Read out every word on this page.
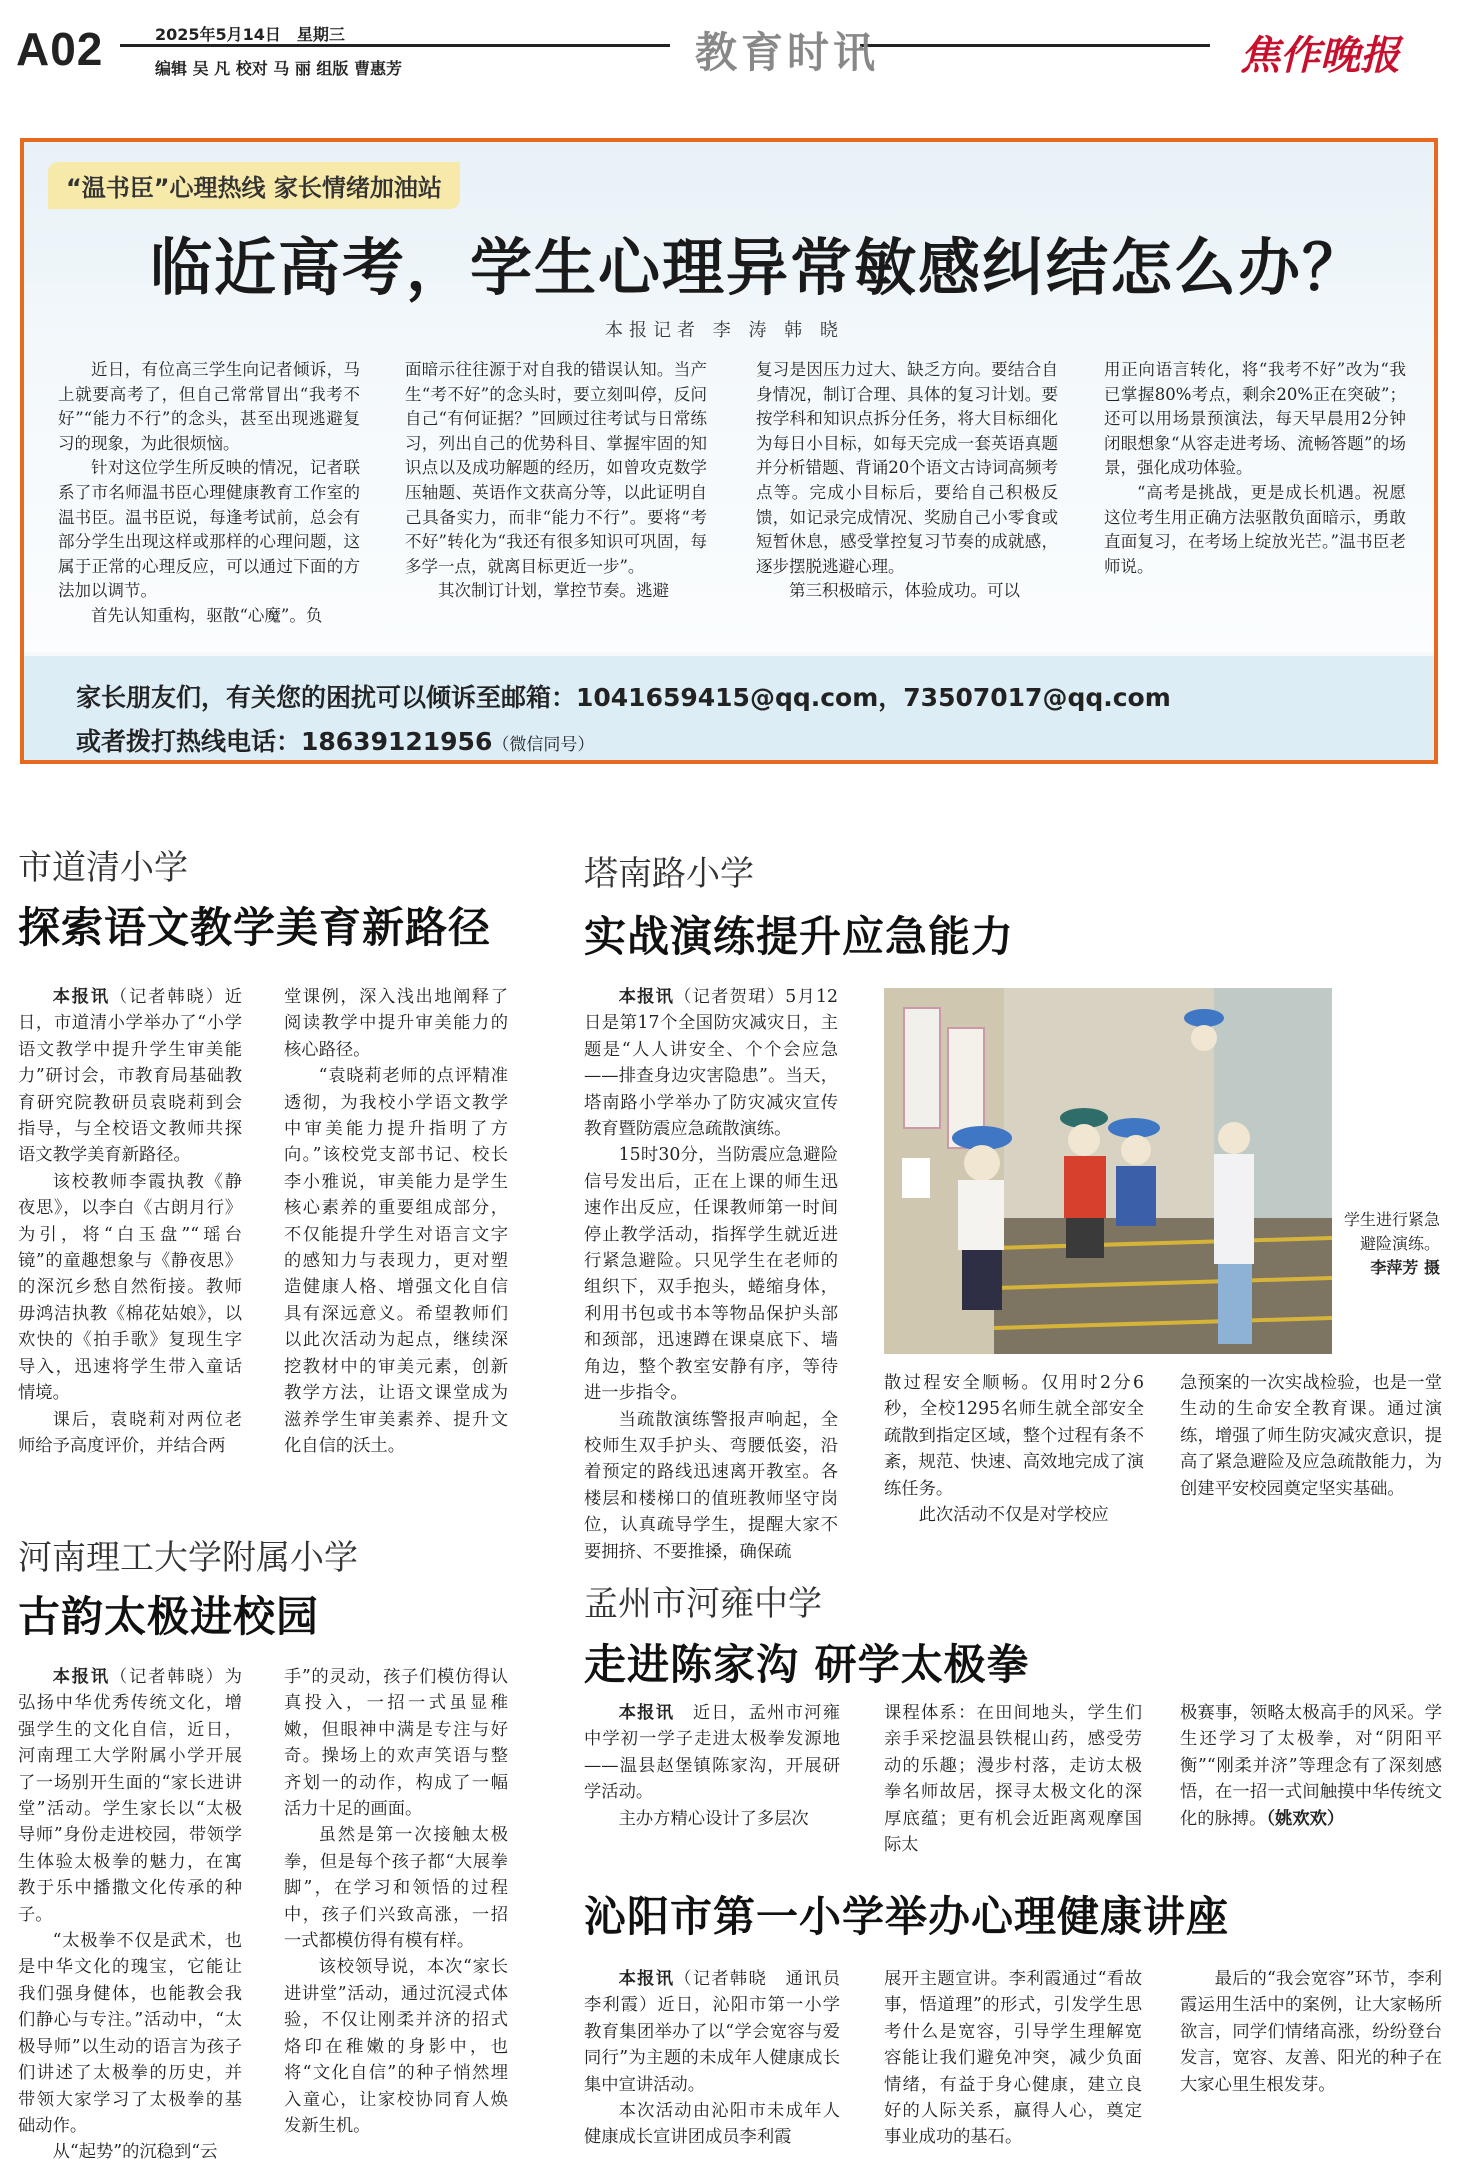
A02	2025年5月14日　星期三
编辑 吴 凡 校对 马 丽 组版 曹惠芳	教育时讯	焦作晚报
“温书臣”心理热线 家长情绪加油站
临近高考，学生心理异常敏感纠结怎么办？
本报记者 李 涛 韩 晓

近日，有位高三学生向记者倾诉，马上就要高考了，但自己常常冒出“我考不好”“能力不行”的念头，甚至出现逃避复习的现象，为此很烦恼。

针对这位学生所反映的情况，记者联系了市名师温书臣心理健康教育工作室的温书臣。温书臣说，每逢考试前，总会有部分学生出现这样或那样的心理问题，这属于正常的心理反应，可以通过下面的方法加以调节。

首先认知重构，驱散“心魔”。负

面暗示往往源于对自我的错误认知。当产生“考不好”的念头时，要立刻叫停，反问自己“有何证据？”回顾过往考试与日常练习，列出自己的优势科目、掌握牢固的知识点以及成功解题的经历，如曾攻克数学压轴题、英语作文获高分等，以此证明自己具备实力，而非“能力不行”。要将“考不好”转化为“我还有很多知识可巩固，每多学一点，就离目标更近一步”。

其次制订计划，掌控节奏。逃避

复习是因压力过大、缺乏方向。要结合自身情况，制订合理、具体的复习计划。要按学科和知识点拆分任务，将大目标细化为每日小目标，如每天完成一套英语真题并分析错题、背诵20个语文古诗词高频考点等。完成小目标后，要给自己积极反馈，如记录完成情况、奖励自己小零食或短暂休息，感受掌控复习节奏的成就感，逐步摆脱逃避心理。

第三积极暗示，体验成功。可以

用正向语言转化，将“我考不好”改为“我已掌握80%考点，剩余20%正在突破”；还可以用场景预演法，每天早晨用2分钟闭眼想象“从容走进考场、流畅答题”的场景，强化成功体验。

“高考是挑战，更是成长机遇。祝愿这位考生用正确方法驱散负面暗示，勇敢直面复习，在考场上绽放光芒。”温书臣老师说。

家长朋友们，有关您的困扰可以倾诉至邮箱：1041659415@qq.com，73507017@qq.com
或者拨打热线电话：18639121956（微信同号）
市道清小学
探索语文教学美育新路径

本报讯（记者韩晓）近日，市道清小学举办了“小学语文教学中提升学生审美能力”研讨会，市教育局基础教育研究院教研员袁晓莉到会指导，与全校语文教师共探语文教学美育新路径。

该校教师李霞执教《静夜思》，以李白《古朗月行》为引，将“白玉盘”“瑶台镜”的童趣想象与《静夜思》的深沉乡愁自然衔接。教师毋鸿洁执教《棉花姑娘》，以欢快的《拍手歌》复现生字导入，迅速将学生带入童话情境。

课后，袁晓莉对两位老师给予高度评价，并结合两

堂课例，深入浅出地阐释了阅读教学中提升审美能力的核心路径。

“袁晓莉老师的点评精准透彻，为我校小学语文教学中审美能力提升指明了方向。”该校党支部书记、校长李小雅说，审美能力是学生核心素养的重要组成部分，不仅能提升学生对语言文字的感知力与表现力，更对塑造健康人格、增强文化自信具有深远意义。希望教师们以此次活动为起点，继续深挖教材中的审美元素，创新教学方法，让语文课堂成为滋养学生审美素养、提升文化自信的沃土。

塔南路小学
实战演练提升应急能力

本报讯（记者贺珺）5月12日是第17个全国防灾减灾日，主题是“人人讲安全、个个会应急——排查身边灾害隐患”。当天，塔南路小学举办了防灾减灾宣传教育暨防震应急疏散演练。

15时30分，当防震应急避险信号发出后，正在上课的师生迅速作出反应，任课教师第一时间停止教学活动，指挥学生就近进行紧急避险。只见学生在老师的组织下，双手抱头，蜷缩身体，利用书包或书本等物品保护头部和颈部，迅速蹲在课桌底下、墙角边，整个教室安静有序，等待进一步指令。

当疏散演练警报声响起，全校师生双手护头、弯腰低姿，沿着预定的路线迅速离开教室。各楼层和楼梯口的值班教师坚守岗位，认真疏导学生，提醒大家不要拥挤、不要推搡，确保疏

学生进行紧急避险演练。
李萍芳 摄

散过程安全顺畅。仅用时2分6秒，全校1295名师生就全部安全疏散到指定区域，整个过程有条不紊，规范、快速、高效地完成了演练任务。

此次活动不仅是对学校应

急预案的一次实战检验，也是一堂生动的生命安全教育课。通过演练，增强了师生防灾减灾意识，提高了紧急避险及应急疏散能力，为创建平安校园奠定坚实基础。

河南理工大学附属小学
古韵太极进校园

本报讯（记者韩晓）为弘扬中华优秀传统文化，增强学生的文化自信，近日，河南理工大学附属小学开展了一场别开生面的“家长进讲堂”活动。学生家长以“太极导师”身份走进校园，带领学生体验太极拳的魅力，在寓教于乐中播撒文化传承的种子。

“太极拳不仅是武术，也是中华文化的瑰宝，它能让我们强身健体，也能教会我们静心与专注。”活动中，“太极导师”以生动的语言为孩子们讲述了太极拳的历史，并带领大家学习了太极拳的基础动作。

从“起势”的沉稳到“云

手”的灵动，孩子们模仿得认真投入，一招一式虽显稚嫩，但眼神中满是专注与好奇。操场上的欢声笑语与整齐划一的动作，构成了一幅活力十足的画面。

虽然是第一次接触太极拳，但是每个孩子都“大展拳脚”，在学习和领悟的过程中，孩子们兴致高涨，一招一式都模仿得有模有样。

该校领导说，本次“家长进讲堂”活动，通过沉浸式体验，不仅让刚柔并济的招式烙印在稚嫩的身影中，也将“文化自信”的种子悄然埋入童心，让家校协同育人焕发新生机。

孟州市河雍中学
走进陈家沟 研学太极拳

本报讯　 近日，孟州市河雍中学初一学子走进太极拳发源地——温县赵堡镇陈家沟，开展研学活动。

主办方精心设计了多层次

课程体系：在田间地头，学生们亲手采挖温县铁棍山药，感受劳动的乐趣；漫步村落，走访太极拳名师故居，探寻太极文化的深厚底蕴；更有机会近距离观摩国际太

极赛事，领略太极高手的风采。学生还学习了太极拳，对“阴阳平衡”“刚柔并济”等理念有了深刻感悟，在一招一式间触摸中华传统文化的脉搏。（姚欢欢）

沁阳市第一小学举办心理健康讲座

本报讯（记者韩晓　通讯员李利霞）近日，沁阳市第一小学教育集团举办了以“学会宽容与爱同行”为主题的未成年人健康成长集中宣讲活动。

本次活动由沁阳市未成年人健康成长宣讲团成员李利霞

展开主题宣讲。李利霞通过“看故事，悟道理”的形式，引发学生思考什么是宽容，引导学生理解宽容能让我们避免冲突，减少负面情绪，有益于身心健康，建立良好的人际关系，赢得人心，奠定事业成功的基石。

最后的“我会宽容”环节，李利霞运用生活中的案例，让大家畅所欲言，同学们情绪高涨，纷纷登台发言，宽容、友善、阳光的种子在大家心里生根发芽。
